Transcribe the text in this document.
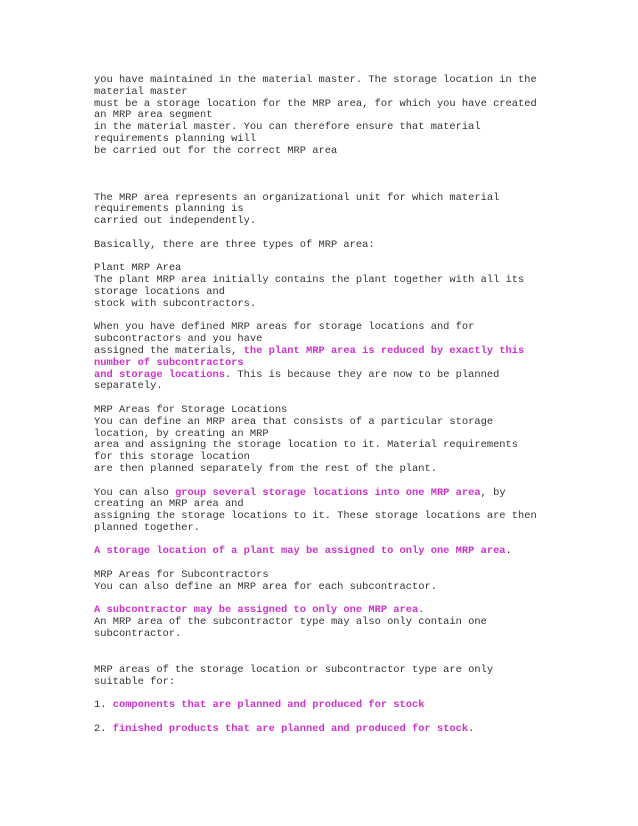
you have maintained in the material master. The storage location in the
material master
must be a storage location for the MRP area, for which you have created
an MRP area segment
in the material master. You can therefore ensure that material
requirements planning will
be carried out for the correct MRP area
The MRP area represents an organizational unit for which material
requirements planning is
carried out independently.
Basically, there are three types of MRP area:
Plant MRP Area
The plant MRP area initially contains the plant together with all its
storage locations and
stock with subcontractors.
When you have defined MRP areas for storage locations and for
subcontractors and you have
assigned the materials, the plant MRP area is reduced by exactly this
number of subcontractors
and storage locations. This is because they are now to be planned
separately.
MRP Areas for Storage Locations
You can define an MRP area that consists of a particular storage
location, by creating an MRP
area and assigning the storage location to it. Material requirements
for this storage location
are then planned separately from the rest of the plant.
You can also group several storage locations into one MRP area, by
creating an MRP area and
assigning the storage locations to it. These storage locations are then
planned together.
A storage location of a plant may be assigned to only one MRP area.
MRP Areas for Subcontractors
You can also define an MRP area for each subcontractor.
A subcontractor may be assigned to only one MRP area.
An MRP area of the subcontractor type may also only contain one
subcontractor.
MRP areas of the storage location or subcontractor type are only
suitable for:
1. components that are planned and produced for stock
2. finished products that are planned and produced for stock.
